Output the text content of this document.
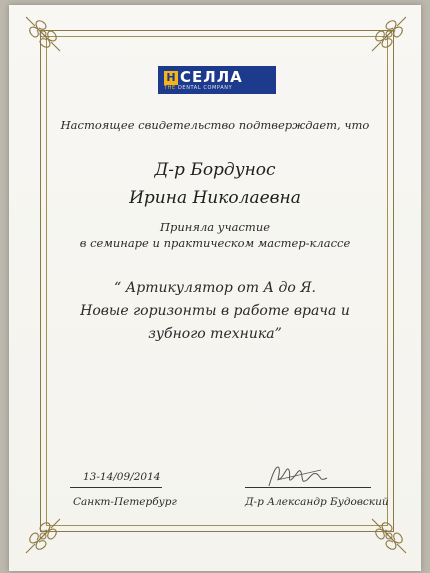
H СЕЛЛА
THE DENTAL COMPANY
Настоящее свидетельство подтверждает, что
Д-р Бордунос
Ирина Николаевна
Приняла участие
в семинаре и практическом мастер-классе
“ Артикулятор от А до Я.
Новые горизонты в работе врача и
зубного техника”
13-14/09/2014
Санкт-Петербург	Д-р Александр Будовский
